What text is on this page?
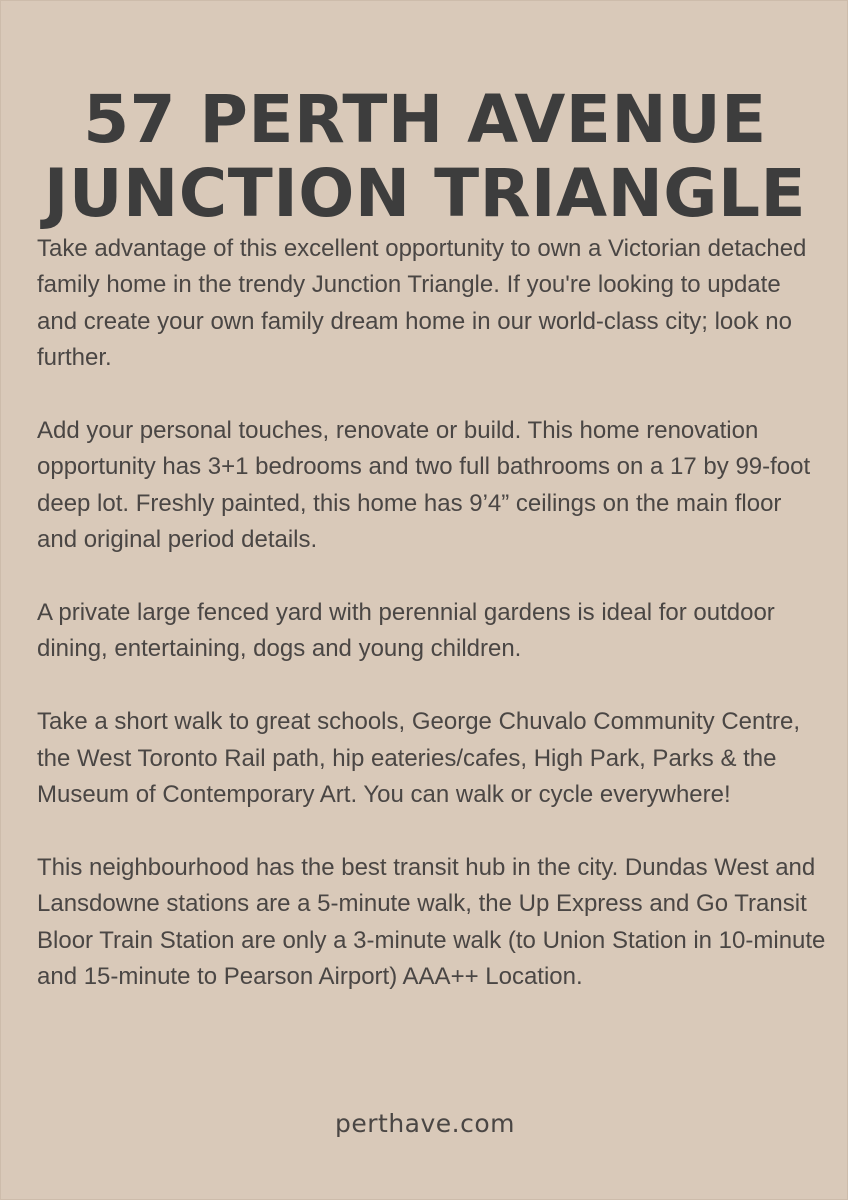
57 PERTH AVENUE
JUNCTION TRIANGLE

Take advantage of this excellent opportunity to own a Victorian detached family home in the trendy Junction Triangle. If you're looking to update and create your own family dream home in our world-class city; look no further.

Add your personal touches, renovate or build. This home renovation opportunity has 3+1 bedrooms and two full bathrooms on a 17 by 99-foot deep lot. Freshly painted, this home has 9’4” ceilings on the main floor and original period details.

A private large fenced yard with perennial gardens is ideal for outdoor dining, entertaining, dogs and young children.

Take a short walk to great schools, George Chuvalo Community Centre, the West Toronto Rail path, hip eateries/cafes, High Park, Parks & the Museum of Contemporary Art. You can walk or cycle everywhere!

This neighbourhood has the best transit hub in the city. Dundas West and Lansdowne stations are a 5-minute walk, the Up Express and Go Transit Bloor Train Station are only a 3-minute walk (to Union Station in 10-minute and 15-minute to Pearson Airport) AAA++ Location.

perthave.com
